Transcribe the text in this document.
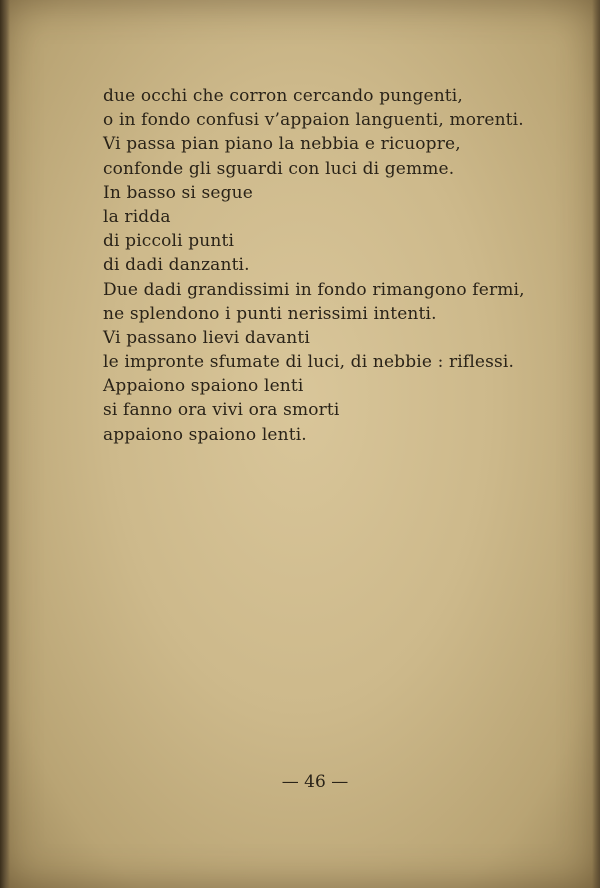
due occhi che corron cercando pungenti,
o in fondo confusi v’appaion languenti, morenti.
Vi passa pian piano la nebbia e ricuopre,
confonde gli sguardi con luci di gemme.
In basso si segue
la ridda
di piccoli punti
di dadi danzanti.
Due dadi grandissimi in fondo rimangono fermi,
ne splendono i punti nerissimi intenti.
Vi passano lievi davanti
le impronte sfumate di luci, di nebbie : riflessi.
Appaiono spaiono lenti
si fanno ora vivi ora smorti
appaiono spaiono lenti.
— 46 —
